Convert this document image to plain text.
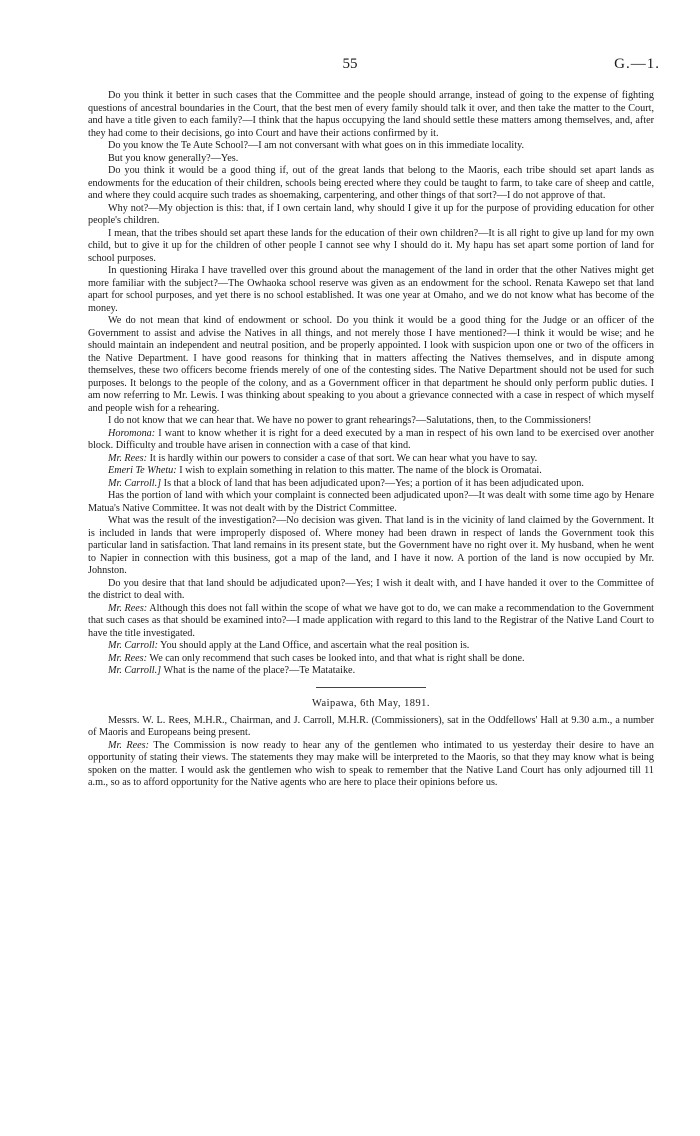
55	G.—1.

Do you think it better in such cases that the Committee and the people should arrange, instead of going to the expense of fighting questions of ancestral boundaries in the Court, that the best men of every family should talk it over, and then take the matter to the Court, and have a title given to each family?—I think that the hapus occupying the land should settle these matters among themselves, and, after they had come to their decisions, go into Court and have their actions confirmed by it.

Do you know the Te Aute School?—I am not conversant with what goes on in this immediate locality.

But you know generally?—Yes.

Do you think it would be a good thing if, out of the great lands that belong to the Maoris, each tribe should set apart lands as endowments for the education of their children, schools being erected where they could be taught to farm, to take care of sheep and cattle, and where they could acquire such trades as shoemaking, carpentering, and other things of that sort?—I do not approve of that.

Why not?—My objection is this: that, if I own certain land, why should I give it up for the purpose of providing education for other people's children.

I mean, that the tribes should set apart these lands for the education of their own children?—It is all right to give up land for my own child, but to give it up for the children of other people I cannot see why I should do it. My hapu has set apart some portion of land for school purposes.

In questioning Hiraka I have travelled over this ground about the management of the land in order that the other Natives might get more familiar with the subject?—The Owhaoka school reserve was given as an endowment for the school. Renata Kawepo set that land apart for school purposes, and yet there is no school established. It was one year at Omaho, and we do not know what has become of the money.

We do not mean that kind of endowment or school. Do you think it would be a good thing for the Judge or an officer of the Government to assist and advise the Natives in all things, and not merely those I have mentioned?—I think it would be wise; and he should maintain an independent and neutral position, and be properly appointed. I look with suspicion upon one or two of the officers in the Native Department. I have good reasons for thinking that in matters affecting the Natives themselves, and in dispute among themselves, these two officers become friends merely of one of the contesting sides. The Native Department should not be used for such purposes. It belongs to the people of the colony, and as a Government officer in that department he should only perform public duties. I am now referring to Mr. Lewis. I was thinking about speaking to you about a grievance connected with a case in respect of which myself and people wish for a rehearing.

I do not know that we can hear that. We have no power to grant rehearings?—Salutations, then, to the Commissioners!

Horomona: I want to know whether it is right for a deed executed by a man in respect of his own land to be exercised over another block. Difficulty and trouble have arisen in connection with a case of that kind.

Mr. Rees: It is hardly within our powers to consider a case of that sort. We can hear what you have to say.

Emeri Te Whetu: I wish to explain something in relation to this matter. The name of the block is Oromatai.

Mr. Carroll.] Is that a block of land that has been adjudicated upon?—Yes; a portion of it has been adjudicated upon.

Has the portion of land with which your complaint is connected been adjudicated upon?—It was dealt with some time ago by Henare Matua's Native Committee. It was not dealt with by the District Committee.

What was the result of the investigation?—No decision was given. That land is in the vicinity of land claimed by the Government. It is included in lands that were improperly disposed of. Where money had been drawn in respect of lands the Government took this particular land in satisfaction. That land remains in its present state, but the Government have no right over it. My husband, when he went to Napier in connection with this business, got a map of the land, and I have it now. A portion of the land is now occupied by Mr. Johnston.

Do you desire that that land should be adjudicated upon?—Yes; I wish it dealt with, and I have handed it over to the Committee of the district to deal with.

Mr. Rees: Although this does not fall within the scope of what we have got to do, we can make a recommendation to the Government that such cases as that should be examined into?—I made application with regard to this land to the Registrar of the Native Land Court to have the title investigated.

Mr. Carroll: You should apply at the Land Office, and ascertain what the real position is.

Mr. Rees: We can only recommend that such cases be looked into, and that what is right shall be done.

Mr. Carroll.] What is the name of the place?—Te Matataike.

Waipawa, 6th May, 1891.

Messrs. W. L. Rees, M.H.R., Chairman, and J. Carroll, M.H.R. (Commissioners), sat in the Oddfellows' Hall at 9.30 a.m., a number of Maoris and Europeans being present.

Mr. Rees: The Commission is now ready to hear any of the gentlemen who intimated to us yesterday their desire to have an opportunity of stating their views. The statements they may make will be interpreted to the Maoris, so that they may know what is being spoken on the matter. I would ask the gentlemen who wish to speak to remember that the Native Land Court has only adjourned till 11 a.m., so as to afford opportunity for the Native agents who are here to place their opinions before us.
